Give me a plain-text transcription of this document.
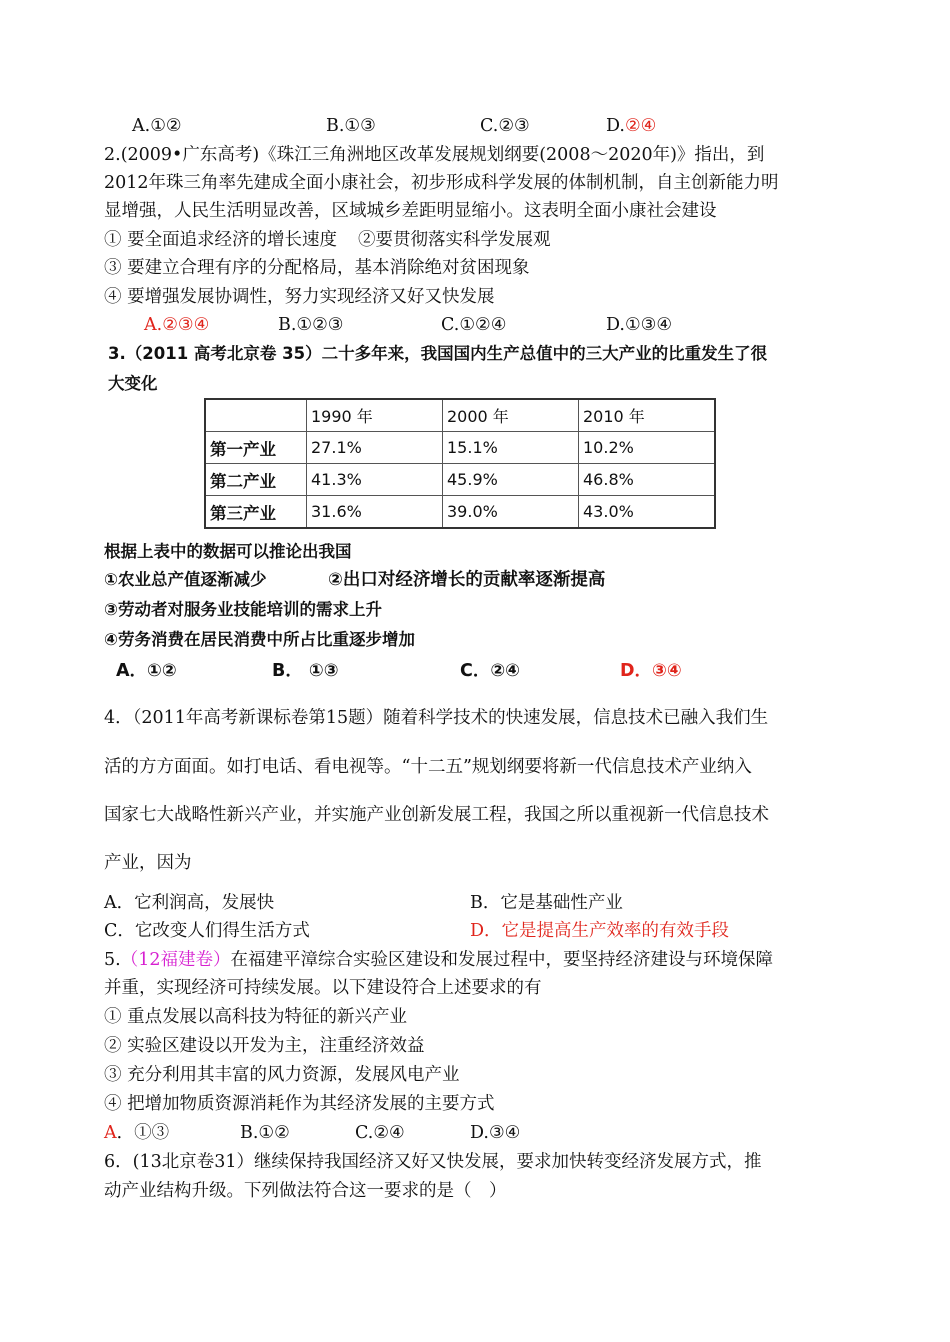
A.①②	B.①③	C.②③	D.②④
2.(2009•广东高考)《珠江三角洲地区改革发展规划纲要(2008～2020年)》指出，到
2012年珠三角率先建成全面小康社会，初步形成科学发展的体制机制，自主创新能力明
显增强，人民生活明显改善，区域城乡差距明显缩小。这表明全面小康社会建设
① 要全面追求经济的增长速度 ②要贯彻落实科学发展观
③ 要建立合理有序的分配格局，基本消除绝对贫困现象
④ 要增强发展协调性，努力实现经济又好又快发展
A.②③④	B.①②③	C.①②④	D.①③④
3.（2011 高考北京卷 35）二十多年来，我国国内生产总值中的三大产业的比重发生了很
大变化
	1990 年	2000 年	2010 年
第一产业	27.1%	15.1%	10.2%
第二产业	41.3%	45.9%	46.8%
第三产业	31.6%	39.0%	43.0%
根据上表中的数据可以推论出我国
①农业总产值逐渐减少	②出口对经济增长的贡献率逐渐提高
③劳动者对服务业技能培训的需求上升
④劳务消费在居民消费中所占比重逐步增加
A．①②	B． ①③	C．②④	D．③④
4．（2011年高考新课标卷第15题）随着科学技术的快速发展，信息技术已融入我们生
活的方方面面。如打电话、看电视等。“十二五”规划纲要将新一代信息技术产业纳入
国家七大战略性新兴产业，并实施产业创新发展工程，我国之所以重视新一代信息技术
产业，因为
A．它利润高，发展快	B．它是基础性产业
C．它改变人们得生活方式	D．它是提高生产效率的有效手段
5.（12福建卷）在福建平漳综合实验区建设和发展过程中，要坚持经济建设与环境保障
并重，实现经济可持续发展。以下建设符合上述要求的有
① 重点发展以高科技为特征的新兴产业
② 实验区建设以开发为主，注重经济效益
③ 充分利用其丰富的风力资源，发展风电产业
④ 把增加物质资源消耗作为其经济发展的主要方式
A．①③	B.①②	C.②④	D.③④
6．(13北京卷31）继续保持我国经济又好又快发展，要求加快转变经济发展方式，推
动产业结构升级。下列做法符合这一要求的是（　）
